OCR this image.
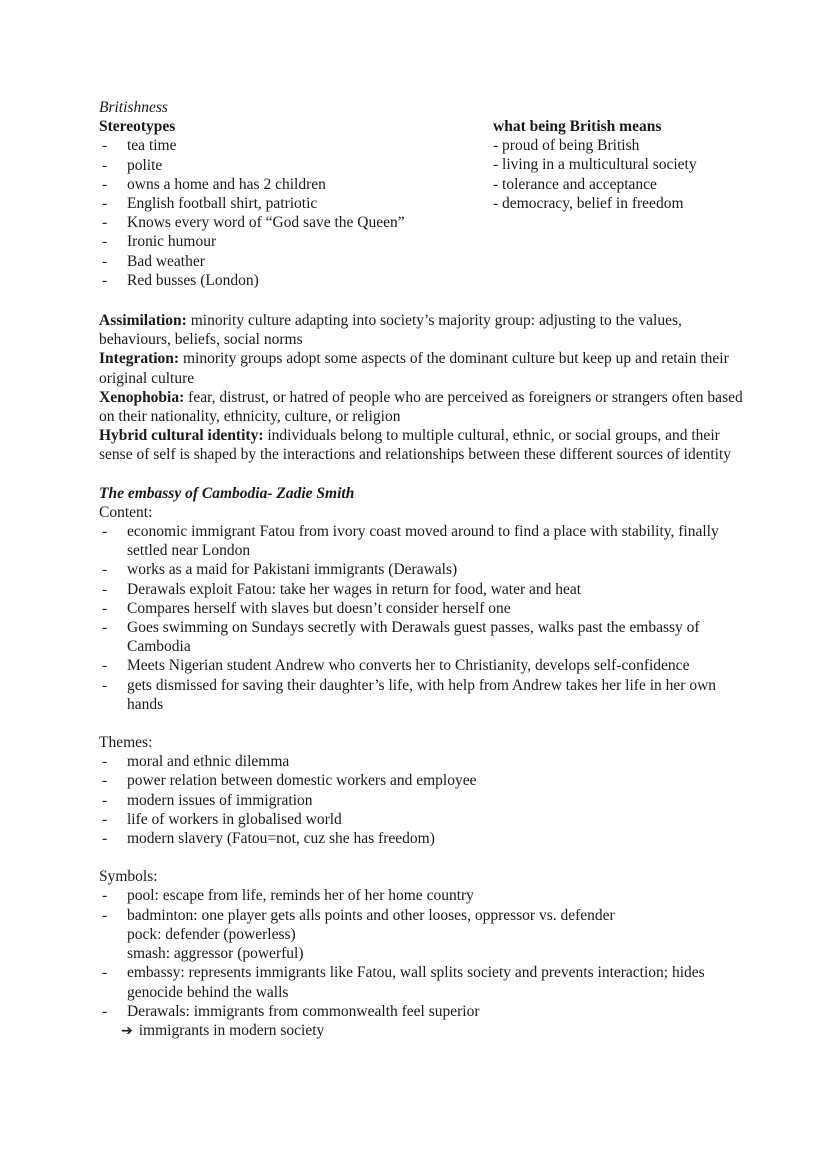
Britishness
Stereotypes
- tea time
- polite
- owns a home and has 2 children
- English football shirt, patriotic
- Knows every word of “God save the Queen”
- Ironic humour
- Bad weather
- Red busses (London)
what being British means
- proud of being British
- living in a multicultural society
- tolerance and acceptance
- democracy, belief in freedom

Assimilation: minority culture adapting into society’s majority group: adjusting to the values, behaviours, beliefs, social norms

Integration: minority groups adopt some aspects of the dominant culture but keep up and retain their original culture

Xenophobia: fear, distrust, or hatred of people who are perceived as foreigners or strangers often based on their nationality, ethnicity, culture, or religion

Hybrid cultural identity: individuals belong to multiple cultural, ethnic, or social groups, and their sense of self is shaped by the interactions and relationships between these different sources of identity

The embassy of Cambodia- Zadie Smith

Content:

- economic immigrant Fatou from ivory coast moved around to find a place with stability, finally settled near London
- works as a maid for Pakistani immigrants (Derawals)
- Derawals exploit Fatou: take her wages in return for food, water and heat
- Compares herself with slaves but doesn’t consider herself one
- Goes swimming on Sundays secretly with Derawals guest passes, walks past the embassy of Cambodia
- Meets Nigerian student Andrew who converts her to Christianity, develops self-confidence
- gets dismissed for saving their daughter’s life, with help from Andrew takes her life in her own hands

Themes:

- moral and ethnic dilemma
- power relation between domestic workers and employee
- modern issues of immigration
- life of workers in globalised world
- modern slavery (Fatou=not, cuz she has freedom)

Symbols:

- pool: escape from life, reminds her of her home country
- badminton: one player gets alls points and other looses, oppressor vs. defender
pock: defender (powerless)
smash: aggressor (powerful)
- embassy: represents immigrants like Fatou, wall splits society and prevents interaction; hides genocide behind the walls
- Derawals: immigrants from commonwealth feel superior
➔ immigrants in modern society
